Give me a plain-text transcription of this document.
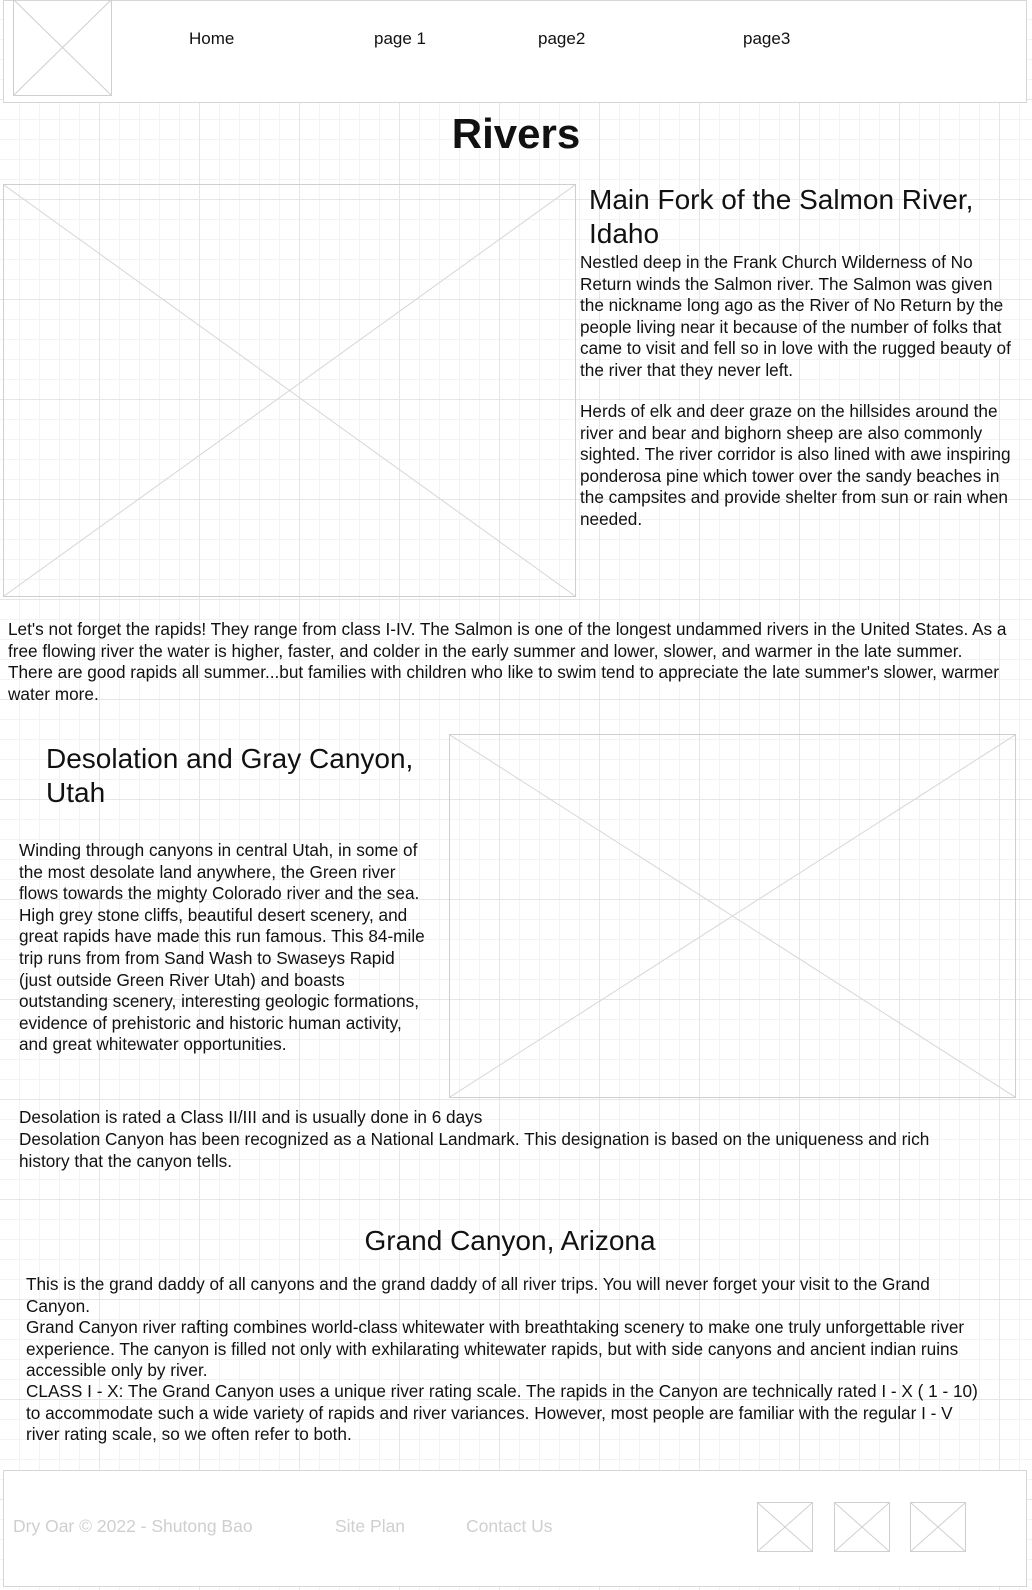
Home	page 1	page2	page3
Rivers
Main Fork of the Salmon River, Idaho

Nestled deep in the Frank Church Wilderness of No Return winds the Salmon river. The Salmon was given the nickname long ago as the River of No Return by the people living near it because of the number of folks that came to visit and fell so in love with the rugged beauty of the river that they never left.

Herds of elk and deer graze on the hillsides around the river and bear and bighorn sheep are also commonly sighted. The river corridor is also lined with awe inspiring ponderosa pine which tower over the sandy beaches in the campsites and provide shelter from sun or rain when needed.

Let's not forget the rapids! They range from class I-IV. The Salmon is one of the longest undammed rivers in the United States. As a free flowing river the water is higher, faster, and colder in the early summer and lower, slower, and warmer in the late summer. There are good rapids all summer...but families with children who like to swim tend to appreciate the late summer's slower, warmer water more.

Desolation and Gray Canyon, Utah

Winding through canyons in central Utah, in some of the most desolate land anywhere, the Green river flows towards the mighty Colorado river and the sea. High grey stone cliffs, beautiful desert scenery, and great rapids have made this run famous. This 84-mile trip runs from from Sand Wash to Swaseys Rapid (just outside Green River Utah) and boasts outstanding scenery, interesting geologic formations, evidence of prehistoric and historic human activity, and great whitewater opportunities.

Desolation is rated a Class II/III and is usually done in 6 days

Desolation Canyon has been recognized as a National Landmark. This designation is based on the uniqueness and rich history that the canyon tells.

Grand Canyon, Arizona

This is the grand daddy of all canyons and the grand daddy of all river trips. You will never forget your visit to the Grand Canyon.

Grand Canyon river rafting combines world-class whitewater with breathtaking scenery to make one truly unforgettable river experience. The canyon is filled not only with exhilarating whitewater rapids, but with side canyons and ancient indian ruins accessible only by river.

CLASS I - X: The Grand Canyon uses a unique river rating scale. The rapids in the Canyon are technically rated I - X ( 1 - 10) to accommodate such a wide variety of rapids and river variances. However, most people are familiar with the regular I - V river rating scale, so we often refer to both.

Dry Oar © 2022 - Shutong Bao	Site Plan	Contact Us
